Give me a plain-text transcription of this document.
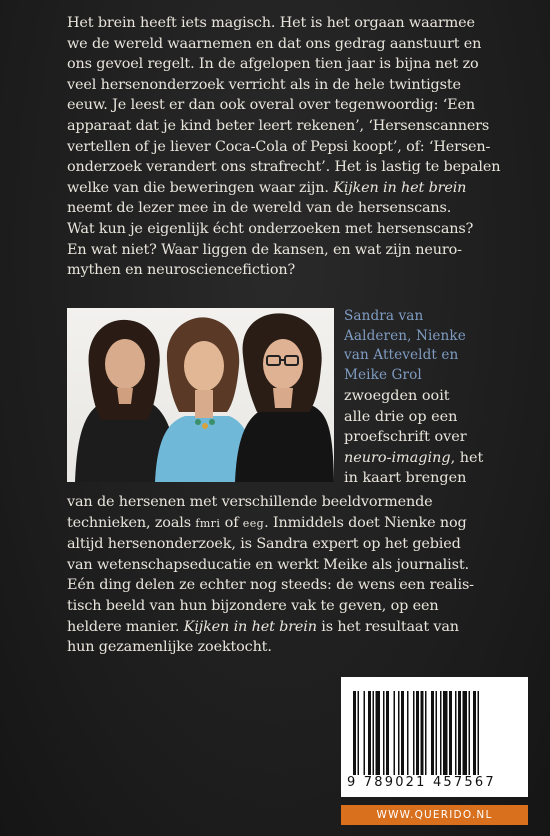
Het brein heeft iets magisch. Het is het orgaan waarmee

we de wereld waarnemen en dat ons gedrag aanstuurt en

ons gevoel regelt. In de afgelopen tien jaar is bijna net zo

veel hersenonderzoek verricht als in de hele twintigste

eeuw. Je leest er dan ook overal over tegenwoordig: ‘Een

apparaat dat je kind beter leert rekenen’, ‘Hersenscanners

vertellen of je liever Coca-Cola of Pepsi koopt’, of: ‘Hersen-

onderzoek verandert ons strafrecht’. Het is lastig te bepalen

welke van die beweringen waar zijn. Kijken in het brein

neemt de lezer mee in de wereld van de hersenscans.

Wat kun je eigenlijk écht onderzoeken met hersenscans?

En wat niet? Waar liggen de kansen, en wat zijn neuro-

mythen en neurosciencefiction?

Sandra van
Aalderen, Nienke
van Atteveldt en
Meike Grol
zwoegden ooit
alle drie op een
proefschrift over
neuro-imaging, het
in kaart brengen
van de hersenen met verschillende beeldvormende
technieken, zoals fmri of eeg. Inmiddels doet Nienke nog
altijd hersenonderzoek, is Sandra expert op het gebied
van wetenschapseducatie en werkt Meike als journalist.
Eén ding delen ze echter nog steeds: de wens een realis-
tisch beeld van hun bijzondere vak te geven, op een
heldere manier. Kijken in het brein is het resultaat van
hun gezamenlijke zoektocht.
9 789021 457567
WWW.QUERIDO.NL
